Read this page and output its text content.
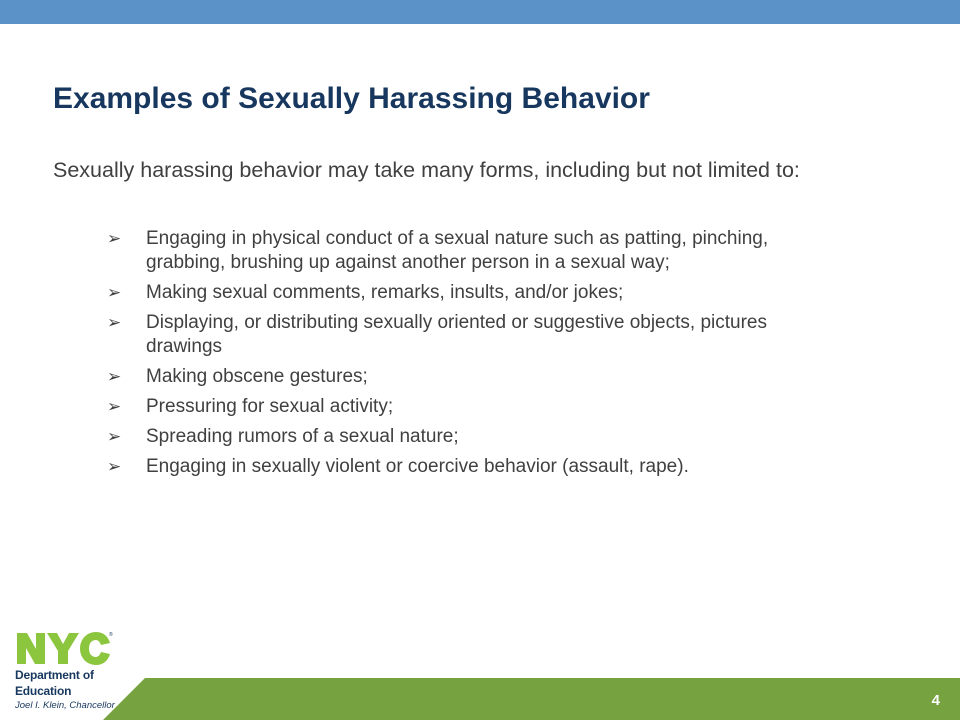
Examples of Sexually Harassing Behavior

Sexually harassing behavior may take many forms, including but not limited to:

➢	Engaging in physical conduct of a sexual nature such as patting, pinching, grabbing, brushing up against another person in a sexual way;
➢	Making sexual comments, remarks, insults, and/or jokes;
➢	Displaying, or distributing sexually oriented or suggestive objects, pictures drawings
➢	Making obscene gestures;
➢	Pressuring for sexual activity;
➢	Spreading rumors of a sexual nature;
➢	Engaging in sexually violent or coercive behavior (assault, rape).
4
®
Department of
Education
Joel I. Klein, Chancellor
